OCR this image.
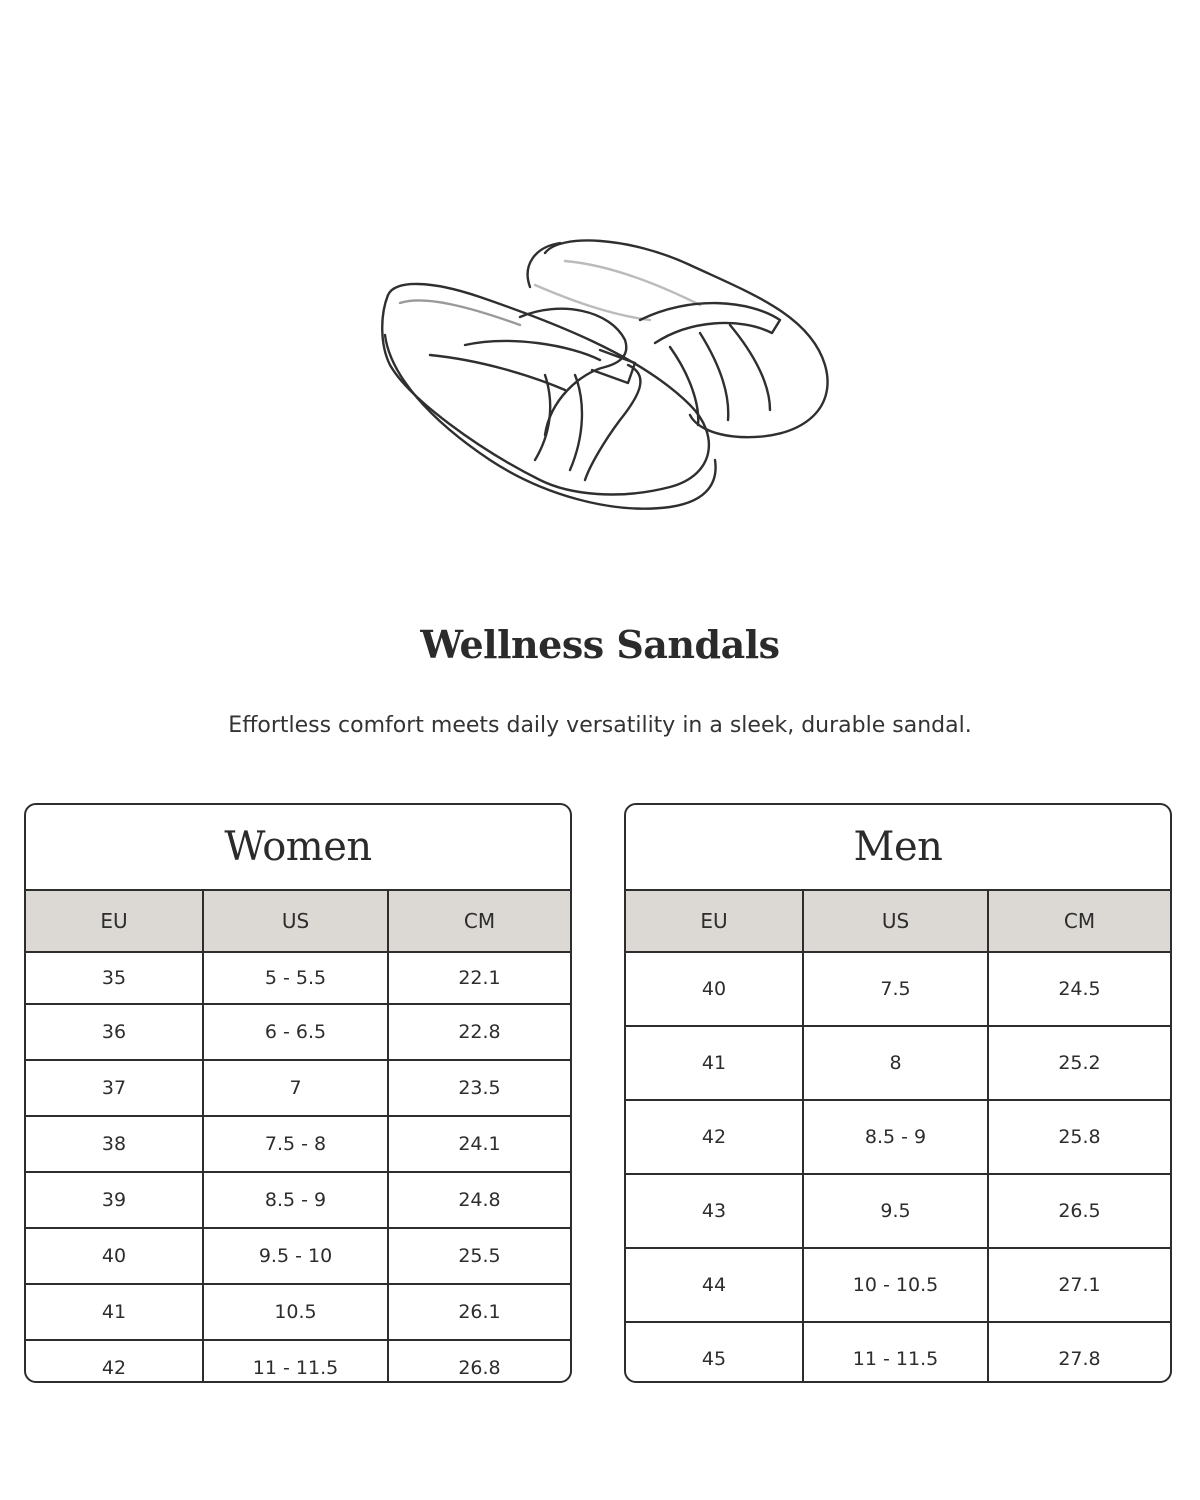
Wellness Sandals
Effortless comfort meets daily versatility in a sleek, durable sandal.
Women
EU	US	CM
35	5 - 5.5	22.1
36	6 - 6.5	22.8
37	7	23.5
38	7.5 - 8	24.1
39	8.5 - 9	24.8
40	9.5 - 10	25.5
41	10.5	26.1
42	11 - 11.5	26.8
Men
EU	US	CM
40	7.5	24.5
41	8	25.2
42	8.5 - 9	25.8
43	9.5	26.5
44	10 - 10.5	27.1
45	11 - 11.5	27.8
